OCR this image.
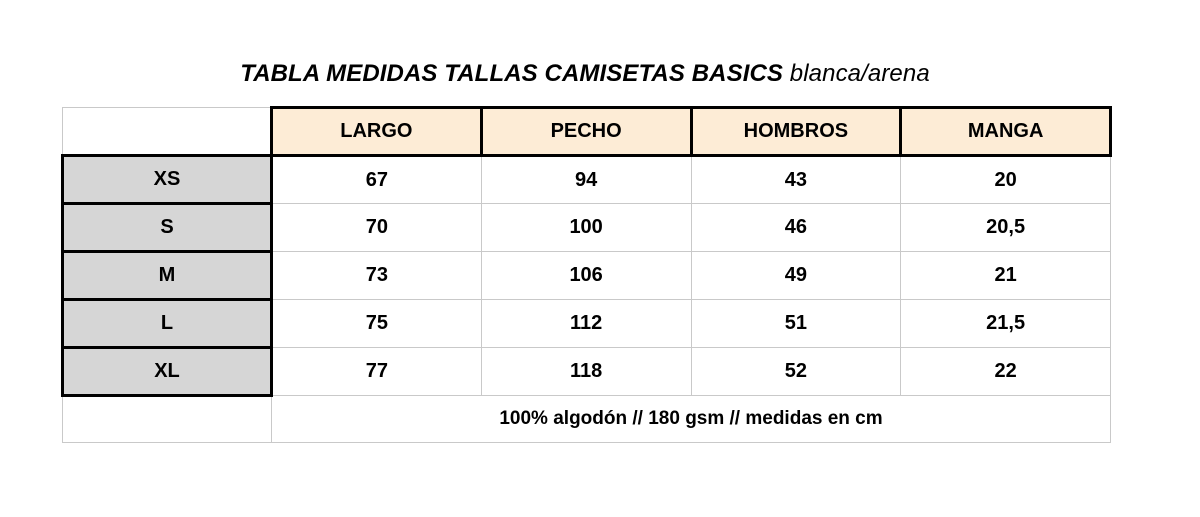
TABLA MEDIDAS TALLAS CAMISETAS BASICS blanca/arena
	LARGO	PECHO	HOMBROS	MANGA
XS	67	94	43	20
S	70	100	46	20,5
M	73	106	49	21
L	75	112	51	21,5
XL	77	118	52	22
	100% algodón // 180 gsm // medidas en cm			
